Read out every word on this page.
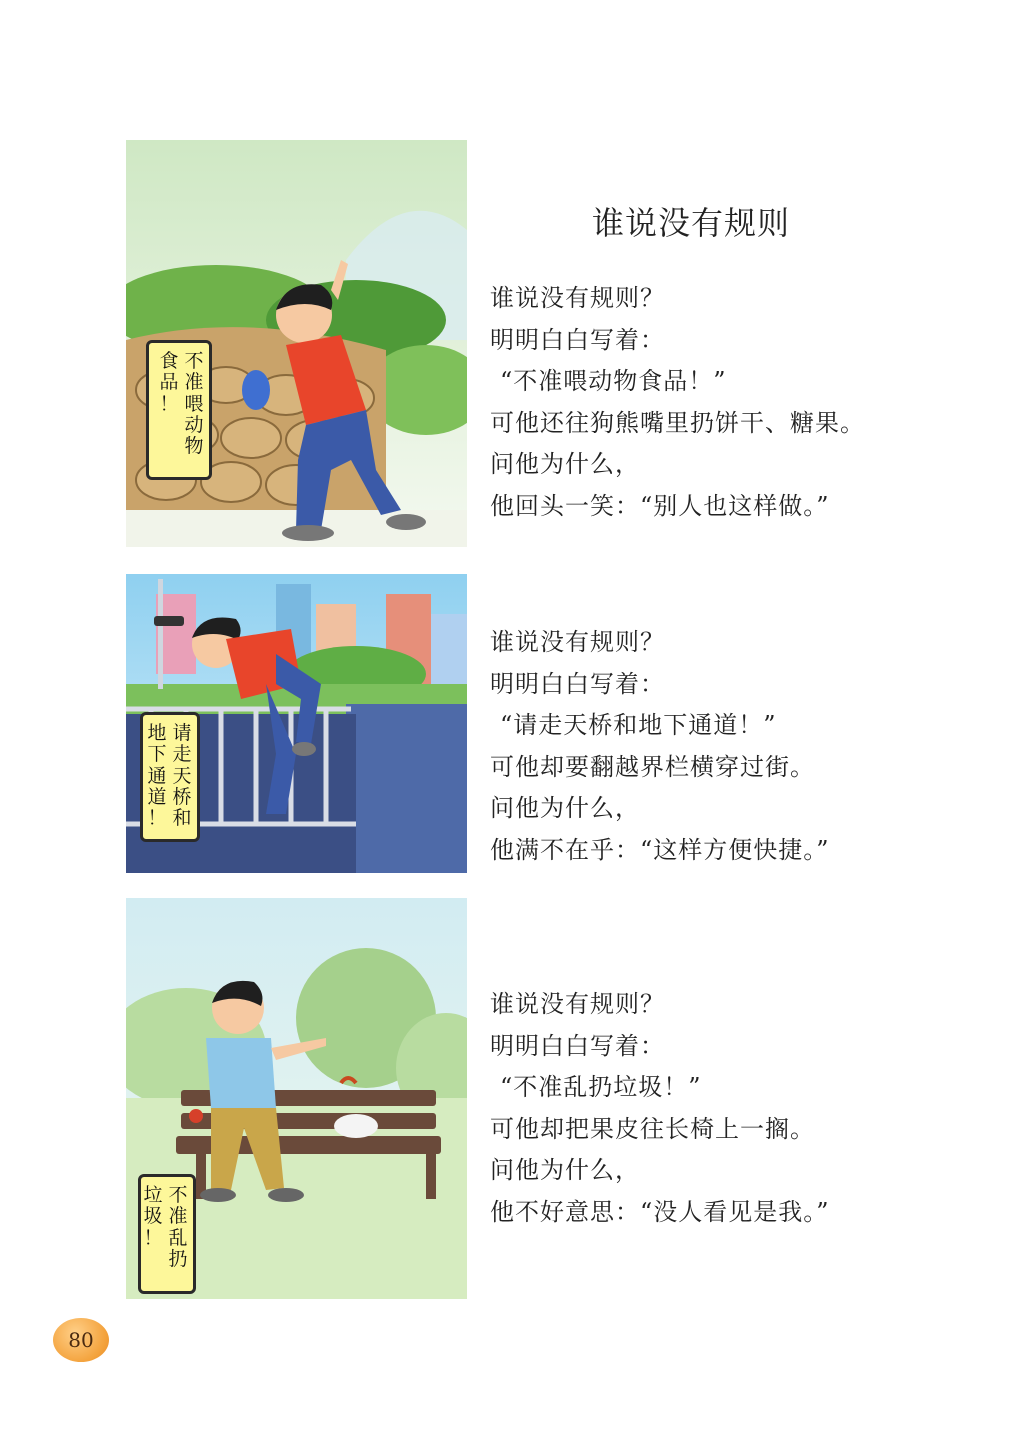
不
准
喂
动
物
食
品
！
请
走
天
桥
和
地
下
通
道
！
不
准
乱
扔
垃
圾
！
谁说没有规则
谁说没有规则？
明明白白写着：
“不准喂动物食品！”
可他还往狗熊嘴里扔饼干、糖果。
问他为什么，
他回头一笑：“别人也这样做。”
谁说没有规则？
明明白白写着：
“请走天桥和地下通道！”
可他却要翻越界栏横穿过街。
问他为什么，
他满不在乎：“这样方便快捷。”
谁说没有规则？
明明白白写着：
“不准乱扔垃圾！”
可他却把果皮往长椅上一搁。
问他为什么，
他不好意思：“没人看见是我。”
80
